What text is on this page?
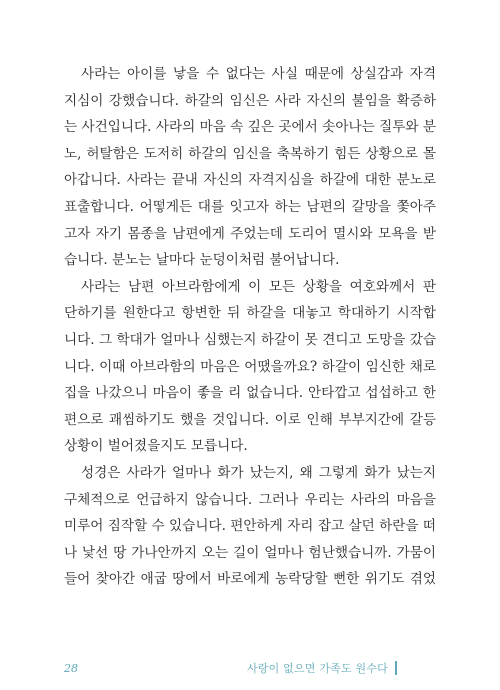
사라는 아이를 낳을 수 없다는 사실 때문에 상실감과 자격
지심이 강했습니다. 하갈의 임신은 사라 자신의 불임을 확증하
는 사건입니다. 사라의 마음 속 깊은 곳에서 솟아나는 질투와 분
노, 허탈함은 도저히 하갈의 임신을 축복하기 힘든 상황으로 몰
아갑니다. 사라는 끝내 자신의 자격지심을 하갈에 대한 분노로
표출합니다. 어떻게든 대를 잇고자 하는 남편의 갈망을 쫓아주
고자 자기 몸종을 남편에게 주었는데 도리어 멸시와 모욕을 받
습니다. 분노는 날마다 눈덩이처럼 불어납니다.
사라는 남편 아브라함에게 이 모든 상황을 여호와께서 판
단하기를 원한다고 항변한 뒤 하갈을 대놓고 학대하기 시작합
니다. 그 학대가 얼마나 심했는지 하갈이 못 견디고 도망을 갔습
니다. 이때 아브라함의 마음은 어땠을까요? 하갈이 임신한 채로
집을 나갔으니 마음이 좋을 리 없습니다. 안타깝고 섭섭하고 한
편으로 괘씸하기도 했을 것입니다. 이로 인해 부부지간에 갈등
상황이 벌어졌을지도 모릅니다.
성경은 사라가 얼마나 화가 났는지, 왜 그렇게 화가 났는지
구체적으로 언급하지 않습니다. 그러나 우리는 사라의 마음을
미루어 짐작할 수 있습니다. 편안하게 자리 잡고 살던 하란을 떠
나 낯선 땅 가나안까지 오는 길이 얼마나 험난했습니까. 가뭄이
들어 찾아간 애굽 땅에서 바로에게 농락당할 뻔한 위기도 겪었
28	사랑이 없으면 가족도 원수다
